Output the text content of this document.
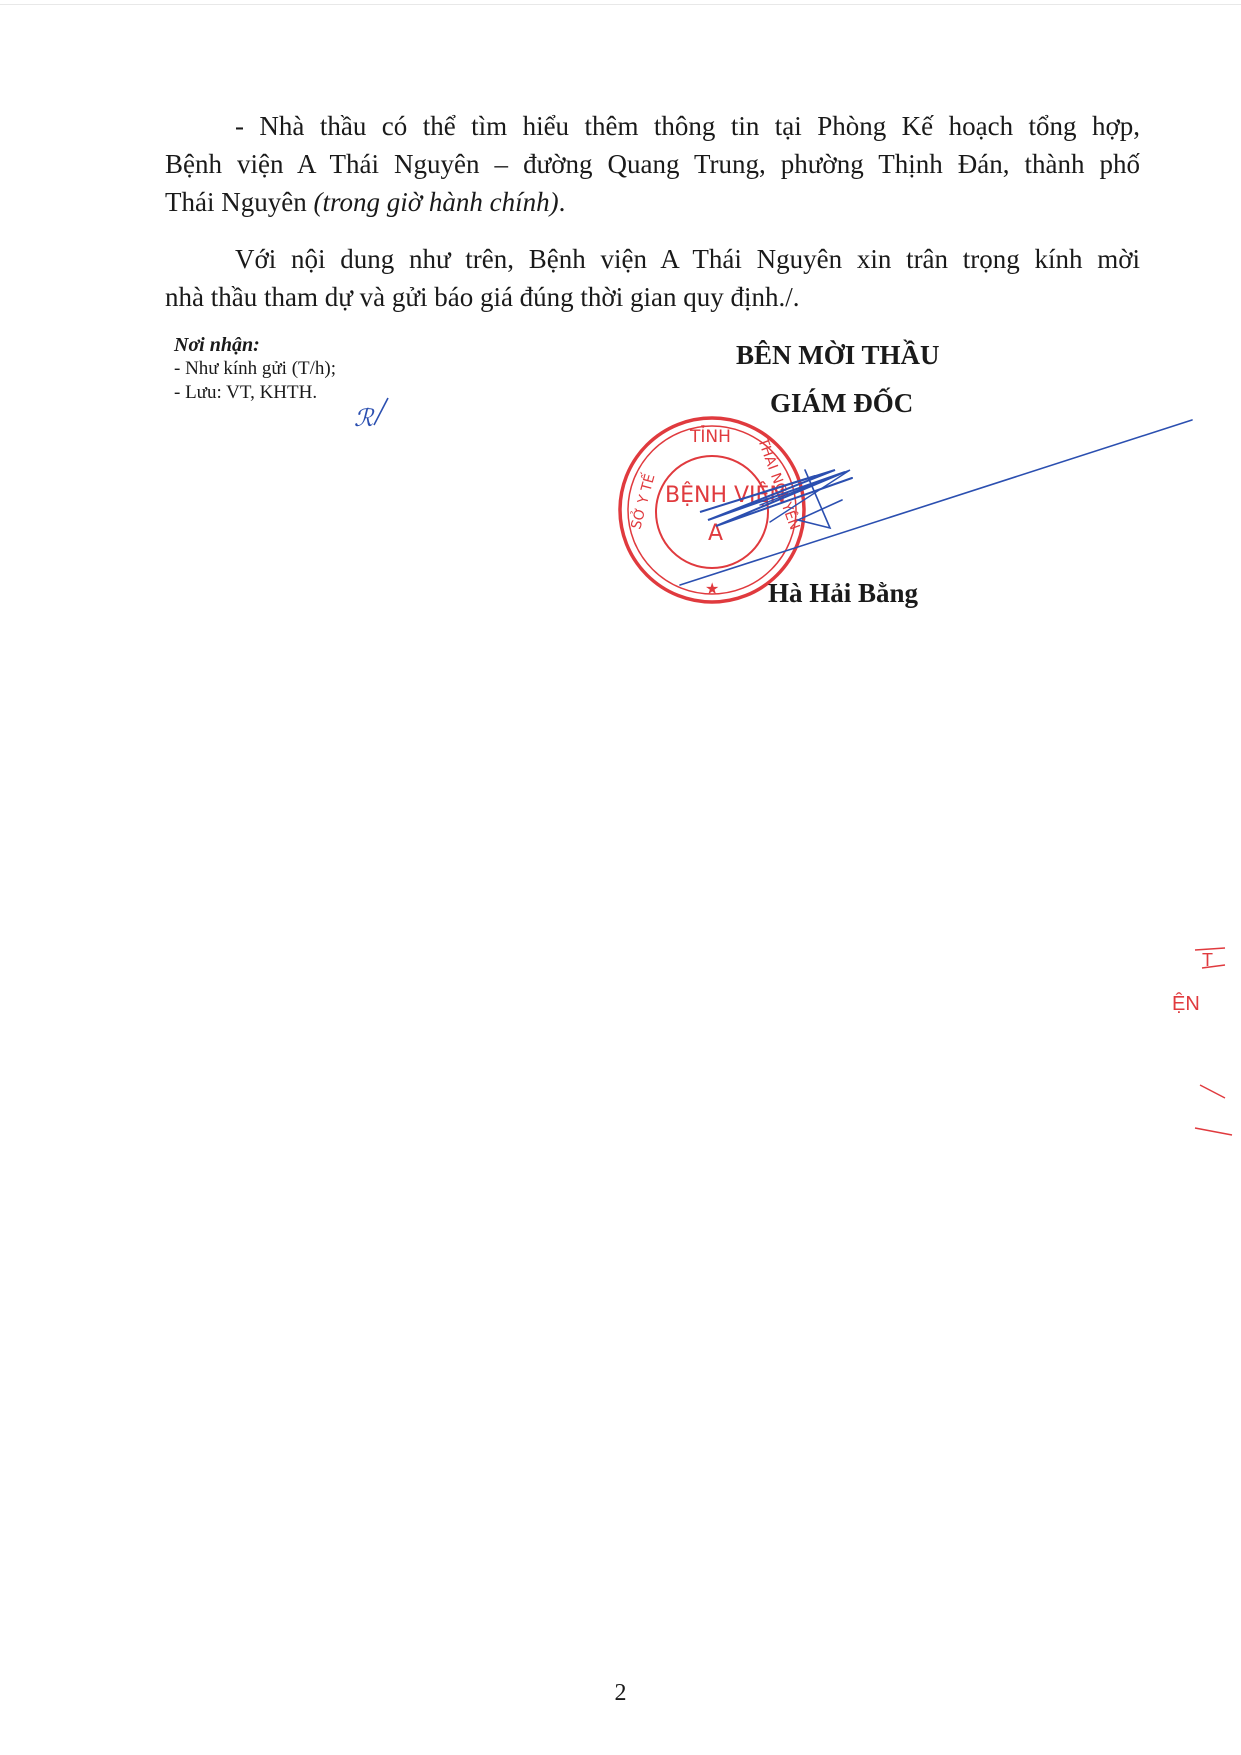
- Nhà thầu có thể tìm hiểu thêm thông tin tại Phòng Kế hoạch tổng hợp,
Bệnh viện A Thái Nguyên – đường Quang Trung, phường Thịnh Đán, thành phố
Thái Nguyên (trong giờ hành chính).

Với nội dung như trên, Bệnh viện A Thái Nguyên xin trân trọng kính mời
nhà thầu tham dự và gửi báo giá đúng thời gian quy định./.

Nơi nhận:
- Như kính gửi (T/h);
- Lưu: VT, KHTH.
BÊN MỜI THẦU
GIÁM ĐỐC
ℛ
TỈNH
BỆNH VIỆN
A
SỞ Y TẾ	THÁI NGUYÊN
★ Hà Hải Bằng
T
ỆN
2
